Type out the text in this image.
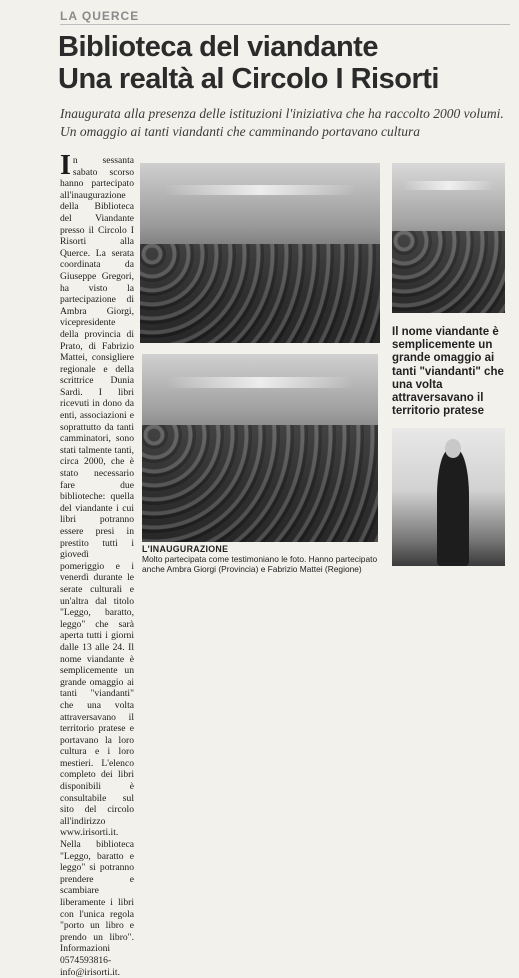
LA QUERCE
Biblioteca del viandante
Una realtà al Circolo I Risorti
Inaugurata alla presenza delle istituzioni l'iniziativa che ha raccolto 2000 volumi. Un omaggio ai tanti viandanti che camminando portavano cultura
In sessanta sabato scorso hanno partecipato all'inaugurazione della Biblioteca del Viandante presso il Circolo I Risorti alla Querce. La serata coordinata da Giuseppe Gregori, ha visto la partecipazione di Ambra Giorgi, vicepresidente della provincia di Prato, di Fabrizio Mattei, consigliere regionale e della scrittrice Dunia Sardi. I libri ricevuti in dono da enti, associazioni e soprattutto da tanti camminatori, sono stati talmente tanti, circa 2000, che è stato necessario fare due biblioteche: quella del viandante i cui libri potranno essere presi in prestito tutti i giovedì pomeriggio e i venerdì durante le serate culturali e un'altra dal titolo "Leggo, baratto, leggo" che sarà aperta tutti i giorni dalle 13 alle 24. Il nome viandante è semplicemente un grande omaggio ai tanti "viandanti" che una volta attraversavano il territorio pratese e portavano la loro cultura e i loro mestieri. L'elenco completo dei libri disponibili è consultabile sul sito del circolo all'indirizzo www.irisorti.it. Nella biblioteca "Leggo, baratto e leggo" si potranno prendere e scambiare liberamente i libri con l'unica regola "porto un libro e prendo un libro". Informazioni 0574593816- info@irisorti.it.
Il nome viandante è semplicemente un grande omaggio ai tanti "viandanti" che una volta attraversavano il territorio pratese
L'INAUGURAZIONE
Molto partecipata come testimoniano le foto. Hanno partecipato anche Ambra Giorgi (Provincia) e Fabrizio Mattei (Regione)
